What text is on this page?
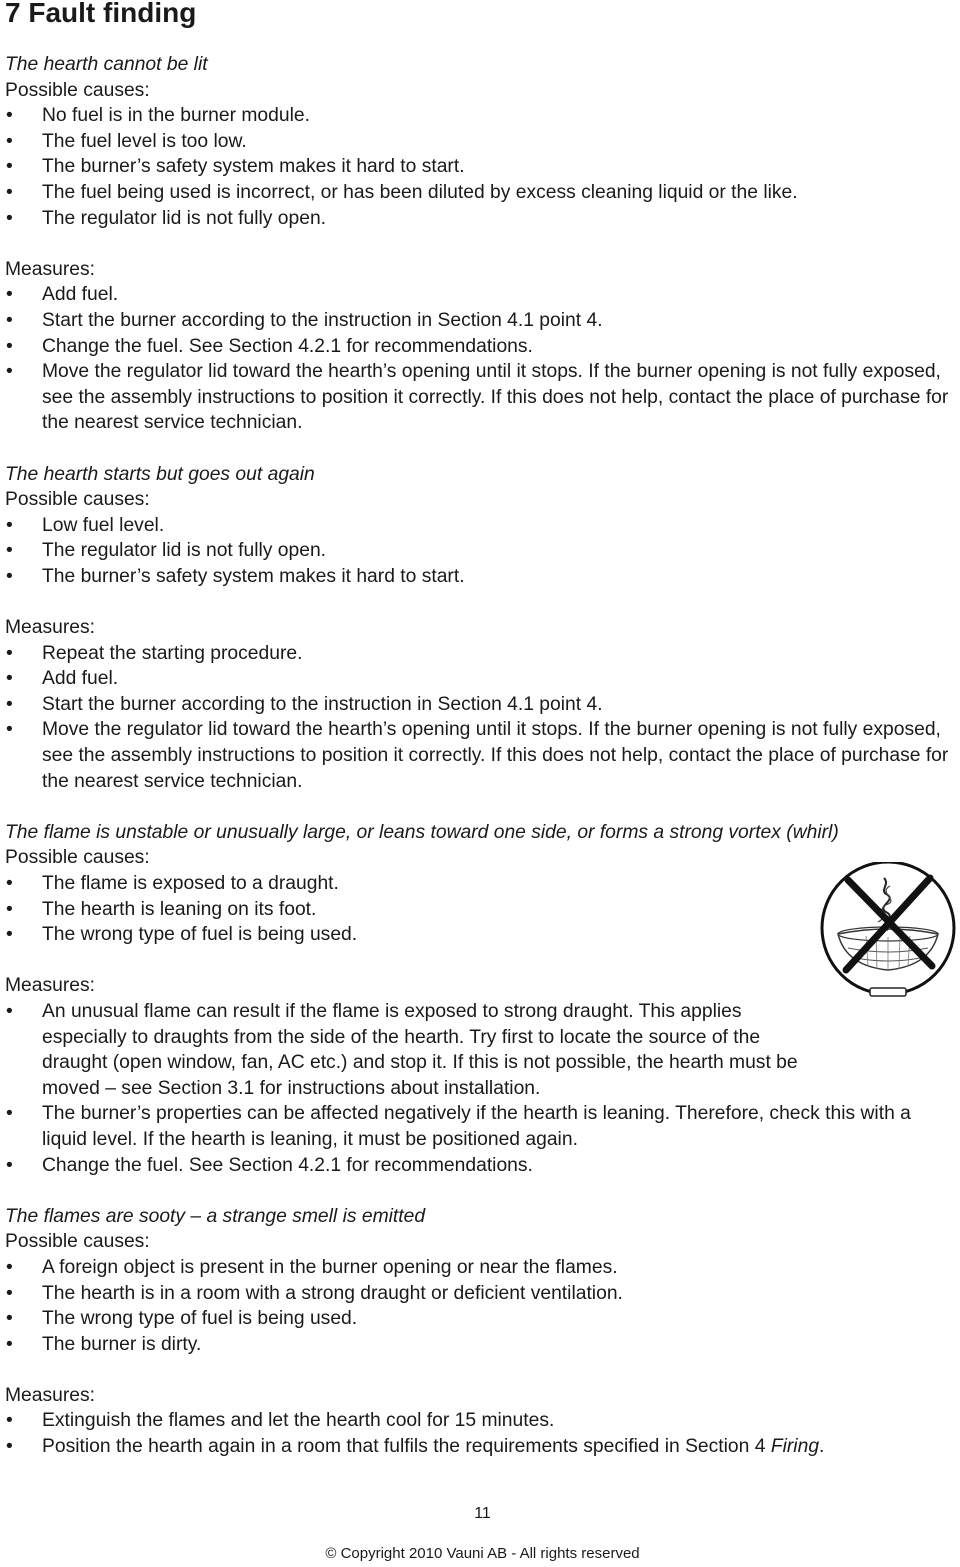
7 Fault finding

The hearth cannot be lit

Possible causes:

• No fuel is in the burner module.
• The fuel level is too low.
• The burner’s safety system makes it hard to start.
• The fuel being used is incorrect, or has been diluted by excess cleaning liquid or the like.
• The regulator lid is not fully open.

Measures:

• Add fuel.
• Start the burner according to the instruction in Section 4.1 point 4.
• Change the fuel. See Section 4.2.1 for recommendations.
• Move the regulator lid toward the hearth’s opening until it stops. If the burner opening is not fully exposed, see the assembly instructions to position it correctly. If this does not help, contact the place of purchase for the nearest service technician.

The hearth starts but goes out again

Possible causes:

• Low fuel level.
• The regulator lid is not fully open.
• The burner’s safety system makes it hard to start.

Measures:

• Repeat the starting procedure.
• Add fuel.
• Start the burner according to the instruction in Section 4.1 point 4.
• Move the regulator lid toward the hearth’s opening until it stops. If the burner opening is not fully exposed, see the assembly instructions to position it correctly. If this does not help, contact the place of purchase for the nearest service technician.

The flame is unstable or unusually large, or leans toward one side, or forms a strong vortex (whirl)

Possible causes:

• The flame is exposed to a draught.
• The hearth is leaning on its foot.
• The wrong type of fuel is being used.

Measures:

• An unusual flame can result if the flame is exposed to strong draught. This applies especially to draughts from the side of the hearth. Try first to locate the source of the draught (open window, fan, AC etc.) and stop it. If this is not possible, the hearth must be moved – see Section 3.1 for instructions about installation.
• The burner’s properties can be affected negatively if the hearth is leaning. Therefore, check this with a liquid level. If the hearth is leaning, it must be positioned again.
• Change the fuel. See Section 4.2.1 for recommendations.

The flames are sooty – a strange smell is emitted

Possible causes:

• A foreign object is present in the burner opening or near the flames.
• The hearth is in a room with a strong draught or deficient ventilation.
• The wrong type of fuel is being used.
• The burner is dirty.

Measures:

• Extinguish the flames and let the hearth cool for 15 minutes.
• Position the hearth again in a room that fulfils the requirements specified in Section 4 Firing.
11
© Copyright 2010 Vauni AB - All rights reserved
